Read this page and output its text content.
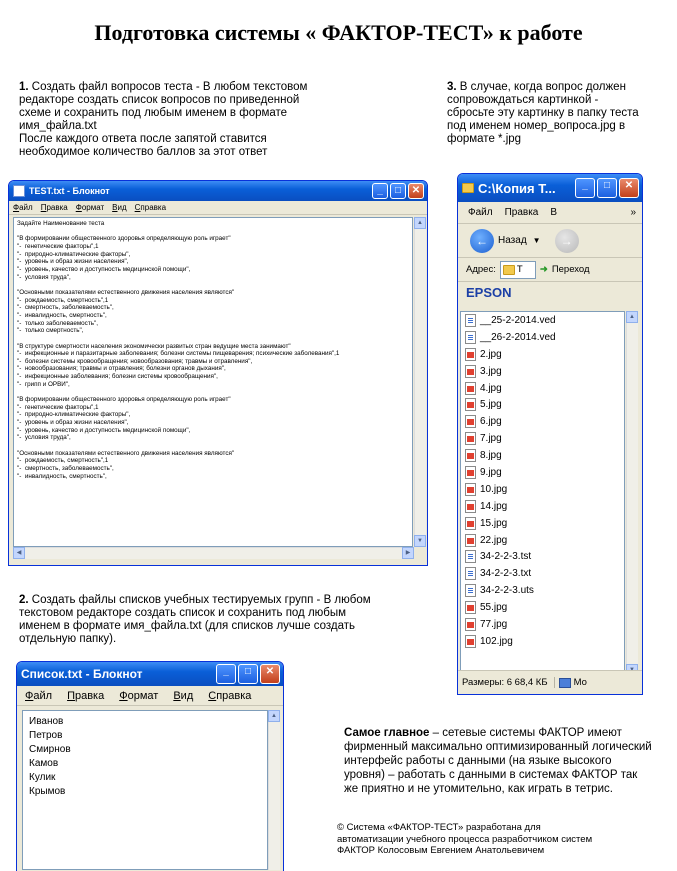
Подготовка системы « ФАКТОР-ТЕСТ» к работе
1. Создать файл вопросов теста - В любом текстовом
редакторе создать список вопросов по приведенной
схеме и сохранить под любым именем в формате
имя_файла.txt
После каждого ответа после запятой ставится
необходимое количество баллов за этот ответ
3. В случае, когда вопрос должен
сопровождаться картинкой -
сбросьте эту картинку в папку теста
под именем номер_вопроса.jpg в
формате *.jpg
TEST.txt - Блокнот	_	□	✕
Файл Правка Формат Вид Справка
Задайте Наименование теста

"В формировании общественного здоровья определяющую роль играет"
"-  генетические факторы",1
"-  природно-климатические факторы",
"-  уровень и образ жизни населения",
"-  уровень, качество и доступность медицинской помощи",
"-  условия труда",

"Основными показателями естественного движения населения являются"
"-  рождаемость, смертность",1
"-  смертность, заболеваемость",
"-  инвалидность, смертность",
"-  только заболеваемость",
"-  только смертность",

"В структуре смертности населения экономически развитых стран ведущие места занимают"
"-  инфекционные и паразитарные заболевания; болезни системы пищеварения; психические заболевания",1
"-  болезни системы кровообращения; новообразования; травмы и отравления",
"-  новообразования; травмы и отравления; болезни органов дыхания",
"-  инфекционные заболевания; болезни системы кровообращения",
"-  грипп и ОРВИ",

"В формировании общественного здоровья определяющую роль играет"
"-  генетические факторы",1
"-  природно-климатические факторы",
"-  уровень и образ жизни населения",
"-  уровень, качество и доступность медицинской помощи",
"-  условия труда",

"Основными показателями естественного движения населения являются"
"-  рождаемость, смертность",1
"-  смертность, заболеваемость",
"-  инвалидность, смертность",
▲
▼
◀	▶
2. Создать файлы списков учебных тестируемых групп - В любом
текстовом редакторе создать список и сохранить под любым
именем в формате имя_файла.txt (для списков лучше создать
отдельную папку).
Список.txt - Блокнот	_	□	✕
Файл Правка Формат Вид Справка
Иванов
Петров
Смирнов
Камов
Кулик
Крымов
▲
C:\Копия Т...	_	□	✕
Файл Правка В	»
←	Назад ▼	→
Адрес: Т ➜ Переход
EPSON
__25-2-2014.ved
__26-2-2014.ved
2.jpg
3.jpg
4.jpg
5.jpg
6.jpg
7.jpg
8.jpg
9.jpg
10.jpg
14.jpg
15.jpg
22.jpg
34-2-2-3.tst
34-2-2-3.txt
34-2-2-3.uts
55.jpg
77.jpg
102.jpg
▲
Размеры: 6 68,4 КБ	Мо
Самое главное – сетевые системы ФАКТОР имеют
фирменный максимально оптимизированный логический
интерфейс работы с данными (на языке высокого
уровня) – работать с данными в системах ФАКТОР так
же приятно и не утомительно, как играть в тетрис.
© Система «ФАКТОР-ТЕСТ» разработана для
автоматизации учебного процесса разработчиком систем
ФАКТОР Колосовым Евгением Анатольевичем
